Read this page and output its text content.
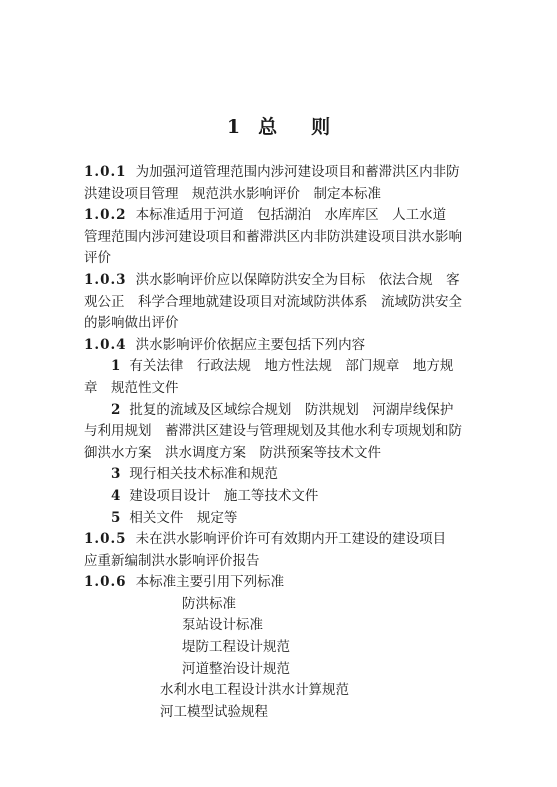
1 总 则
1.0.1 为加强河道管理范围内涉河建设项目和蓄滞洪区内非防
洪建设项目管理　规范洪水影响评价　制定本标准
1.0.2 本标准适用于河道　包括湖泊　水库库区　人工水道
管理范围内涉河建设项目和蓄滞洪区内非防洪建设项目洪水影响
评价
1.0.3 洪水影响评价应以保障防洪安全为目标　依法合规　客
观公正　科学合理地就建设项目对流域防洪体系　流域防洪安全
的影响做出评价
1.0.4 洪水影响评价依据应主要包括下列内容
1 有关法律　行政法规　地方性法规　部门规章　地方规
章　规范性文件
2 批复的流域及区域综合规划　防洪规划　河湖岸线保护
与利用规划　蓄滞洪区建设与管理规划及其他水利专项规划和防
御洪水方案　洪水调度方案　防洪预案等技术文件
3 现行相关技术标准和规范
4 建设项目设计　施工等技术文件
5 相关文件　规定等
1.0.5 未在洪水影响评价许可有效期内开工建设的建设项目
应重新编制洪水影响评价报告
1.0.6 本标准主要引用下列标准
防洪标准
泵站设计标准
堤防工程设计规范
河道整治设计规范
水利水电工程设计洪水计算规范
河工模型试验规程
